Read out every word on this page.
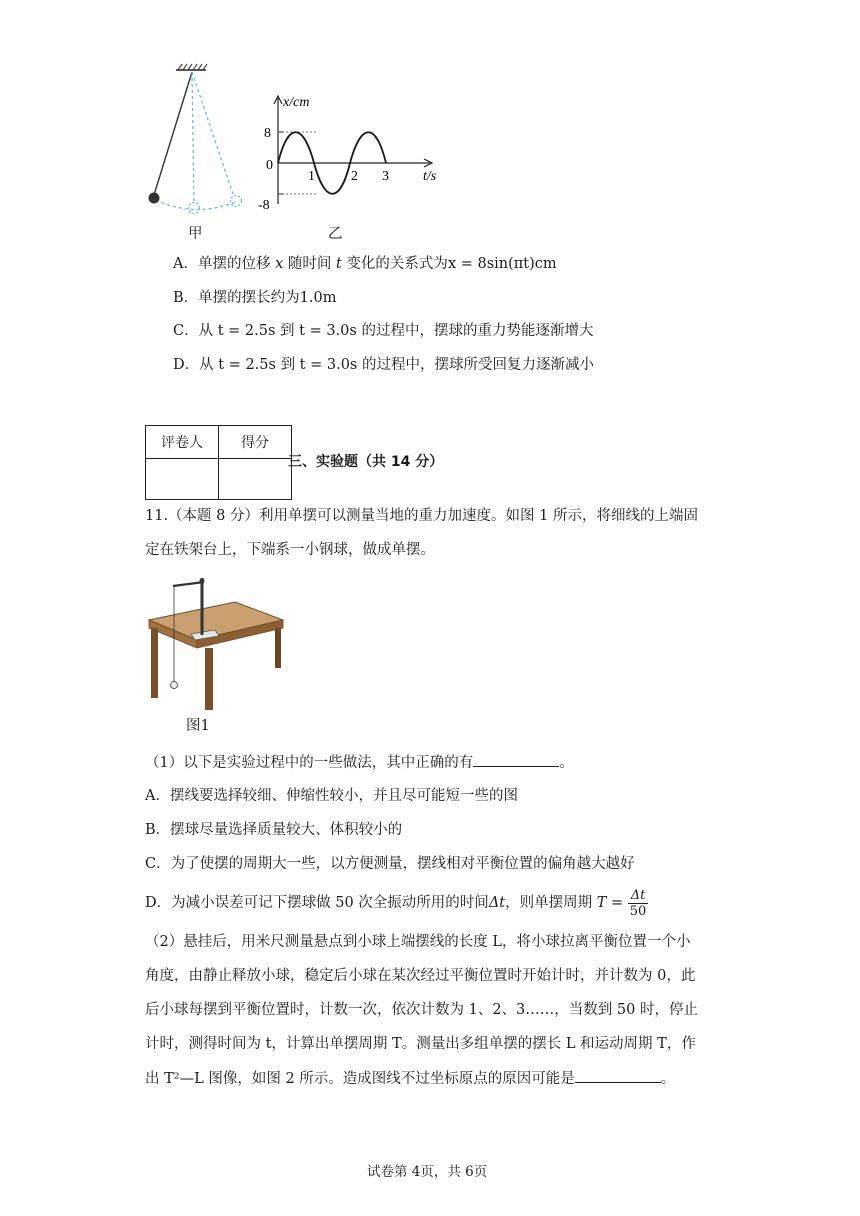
甲
x/cm
t/s
8
0
-8
1	2 3
乙
A．单摆的位移 x 随时间 t 变化的关系式为x = 8sin(πt)cm
B．单摆的摆长约为1.0m
C．从 t = 2.5s 到 t = 3.0s 的过程中，摆球的重力势能逐渐增大
D．从 t = 2.5s 到 t = 3.0s 的过程中，摆球所受回复力逐渐减小
评卷人	得分

三、实验题（共 14 分）
11.（本题 8 分）利用单摆可以测量当地的重力加速度。如图 1 所示，将细线的上端固
定在铁架台上，下端系一小钢球，做成单摆。
图1
（1）以下是实验过程中的一些做法，其中正确的有	。
A．摆线要选择较细、伸缩性较小，并且尽可能短一些的图
B．摆球尽量选择质量较大、体积较小的
C．为了使摆的周期大一些，以方便测量，摆线相对平衡位置的偏角越大越好
D．为减小误差可记下摆球做 50 次全振动所用的时间Δt，则单摆周期 $T = \frac{\Delta t}{50}$
（2）悬挂后，用米尺测量悬点到小球上端摆线的长度 L，将小球拉离平衡位置一个小
角度，由静止释放小球，稳定后小球在某次经过平衡位置时开始计时，并计数为 0，此
后小球每摆到平衡位置时，计数一次，依次计数为 1、2、3……，当数到 50 时，停止
计时，测得时间为 t，计算出单摆周期 T。测量出多组单摆的摆长 L 和运动周期 T，作
出 T²—L 图像，如图 2 所示。造成图线不过坐标原点的原因可能是	。
试卷第 4页，共 6页
